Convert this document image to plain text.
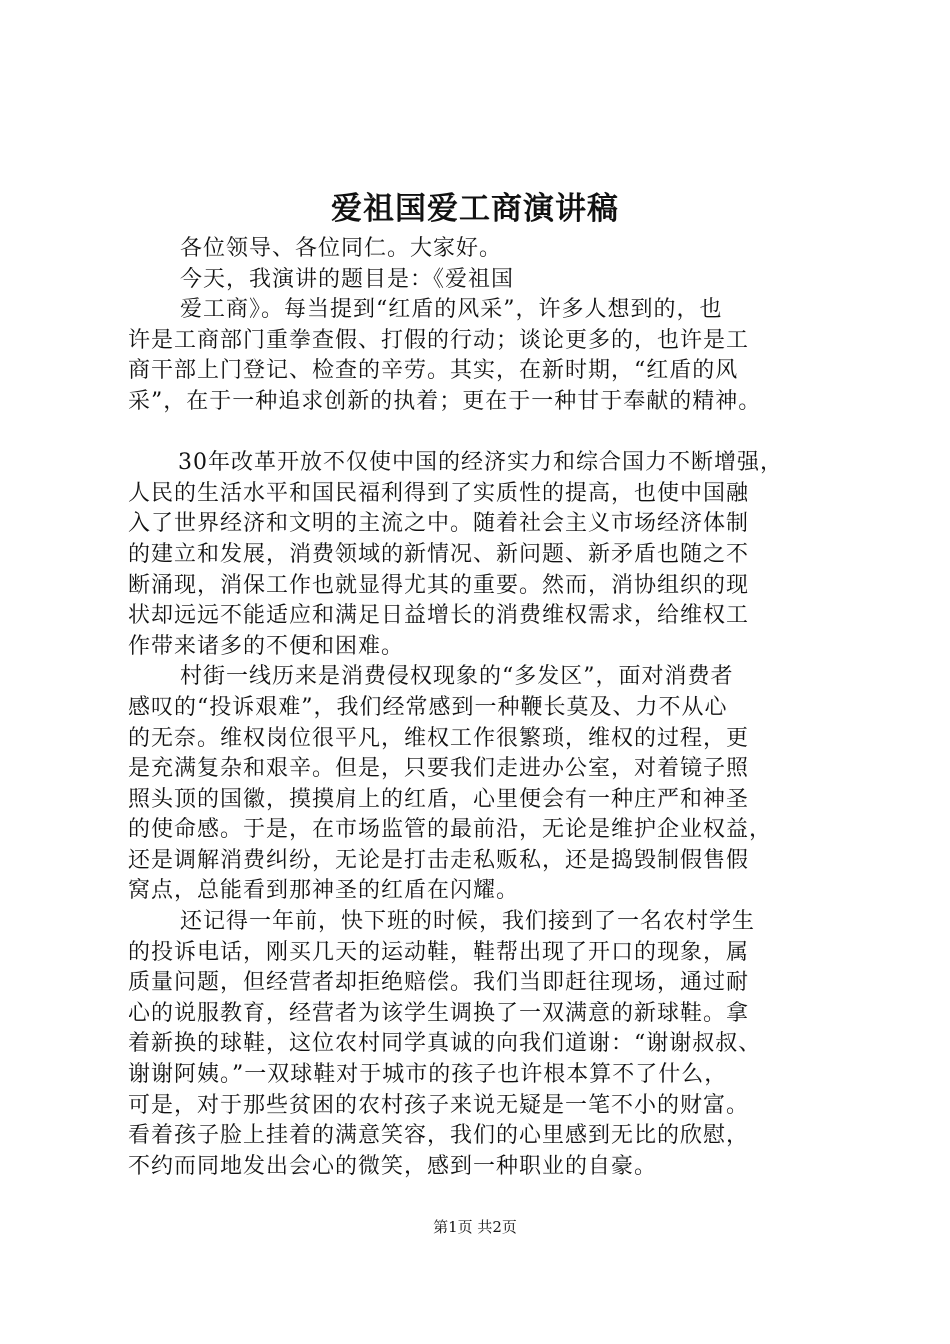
爱祖国爱工商演讲稿
各位领导、各位同仁。大家好。
今天，我演讲的题目是：《爱祖国
爱工商》。每当提到“红盾的风采”，许多人想到的，也
许是工商部门重拳查假、打假的行动；谈论更多的，也许是工
商干部上门登记、检查的辛劳。其实，在新时期，“红盾的风
采”，在于一种追求创新的执着；更在于一种甘于奉献的精神。
30年改革开放不仅使中国的经济实力和综合国力不断增强，
人民的生活水平和国民福利得到了实质性的提高，也使中国融
入了世界经济和文明的主流之中。随着社会主义市场经济体制
的建立和发展，消费领域的新情况、新问题、新矛盾也随之不
断涌现，消保工作也就显得尤其的重要。然而，消协组织的现
状却远远不能适应和满足日益增长的消费维权需求，给维权工
作带来诸多的不便和困难。
村街一线历来是消费侵权现象的“多发区”，面对消费者
感叹的“投诉艰难”，我们经常感到一种鞭长莫及、力不从心
的无奈。维权岗位很平凡，维权工作很繁琐，维权的过程，更
是充满复杂和艰辛。但是，只要我们走进办公室，对着镜子照
照头顶的国徽，摸摸肩上的红盾，心里便会有一种庄严和神圣
的使命感。于是，在市场监管的最前沿，无论是维护企业权益，
还是调解消费纠纷，无论是打击走私贩私，还是捣毁制假售假
窝点，总能看到那神圣的红盾在闪耀。
还记得一年前，快下班的时候，我们接到了一名农村学生
的投诉电话，刚买几天的运动鞋，鞋帮出现了开口的现象，属
质量问题，但经营者却拒绝赔偿。我们当即赶往现场，通过耐
心的说服教育，经营者为该学生调换了一双满意的新球鞋。拿
着新换的球鞋，这位农村同学真诚的向我们道谢：“谢谢叔叔、
谢谢阿姨。”一双球鞋对于城市的孩子也许根本算不了什么，
可是，对于那些贫困的农村孩子来说无疑是一笔不小的财富。
看着孩子脸上挂着的满意笑容，我们的心里感到无比的欣慰，
不约而同地发出会心的微笑，感到一种职业的自豪。
第1页 共2页
